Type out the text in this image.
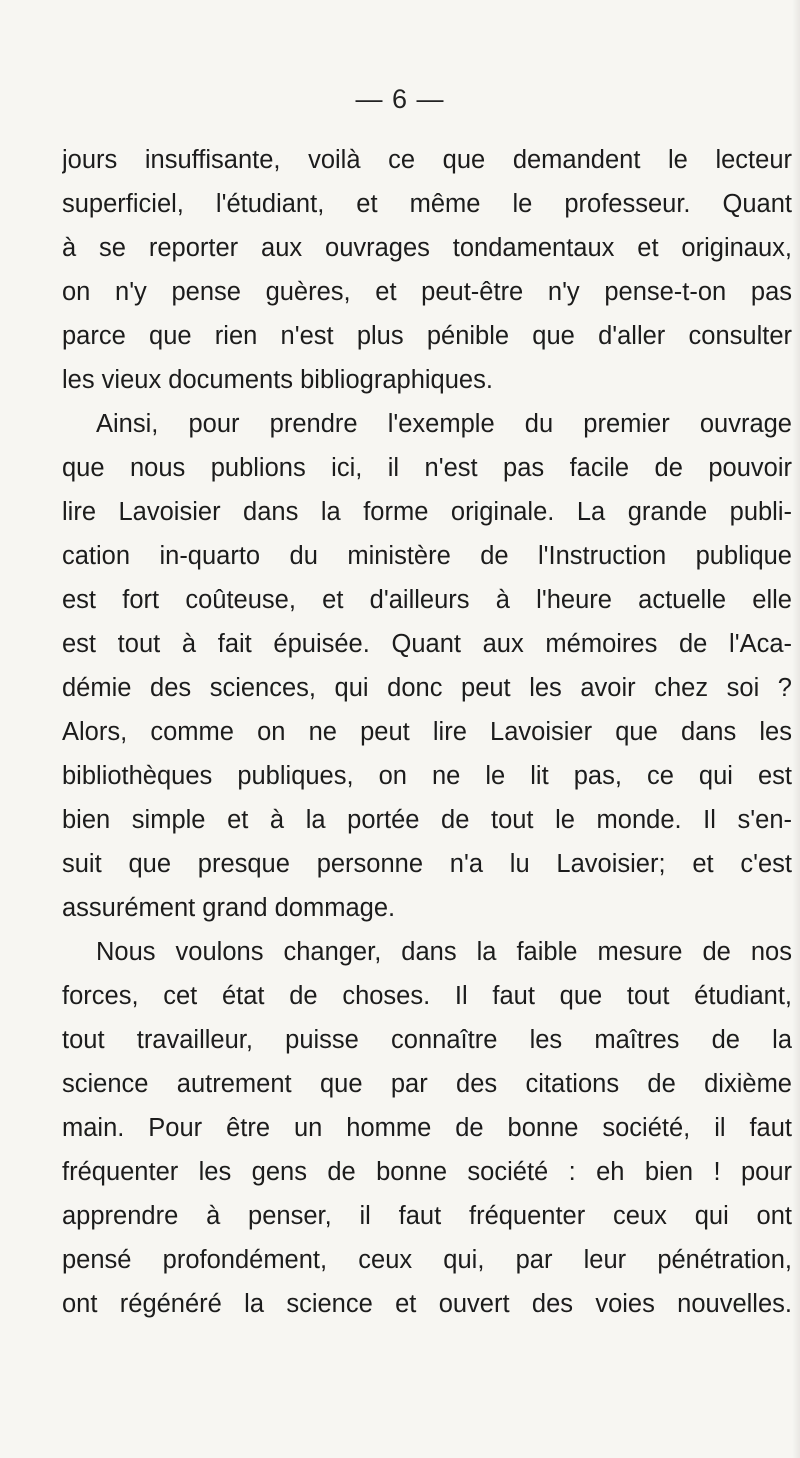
— 6 —
jours insuffisante, voilà ce que demandent le lecteur
superficiel, l'étudiant, et même le professeur. Quant
à se reporter aux ouvrages tondamentaux et originaux,
on n'y pense guères, et peut-être n'y pense-t-on pas
parce que rien n'est plus pénible que d'aller consulter
les vieux documents bibliographiques.
Ainsi, pour prendre l'exemple du premier ouvrage
que nous publions ici, il n'est pas facile de pouvoir
lire Lavoisier dans la forme originale. La grande publi-
cation in-quarto du ministère de l'Instruction publique
est fort coûteuse, et d'ailleurs à l'heure actuelle elle
est tout à fait épuisée. Quant aux mémoires de l'Aca-
démie des sciences, qui donc peut les avoir chez soi ?
Alors, comme on ne peut lire Lavoisier que dans les
bibliothèques publiques, on ne le lit pas, ce qui est
bien simple et à la portée de tout le monde. Il s'en-
suit que presque personne n'a lu Lavoisier; et c'est
assurément grand dommage.
Nous voulons changer, dans la faible mesure de nos
forces, cet état de choses. Il faut que tout étudiant,
tout travailleur, puisse connaître les maîtres de la
science autrement que par des citations de dixième
main. Pour être un homme de bonne société, il faut
fréquenter les gens de bonne société : eh bien ! pour
apprendre à penser, il faut fréquenter ceux qui ont
pensé profondément, ceux qui, par leur pénétration,
ont régénéré la science et ouvert des voies nouvelles.
